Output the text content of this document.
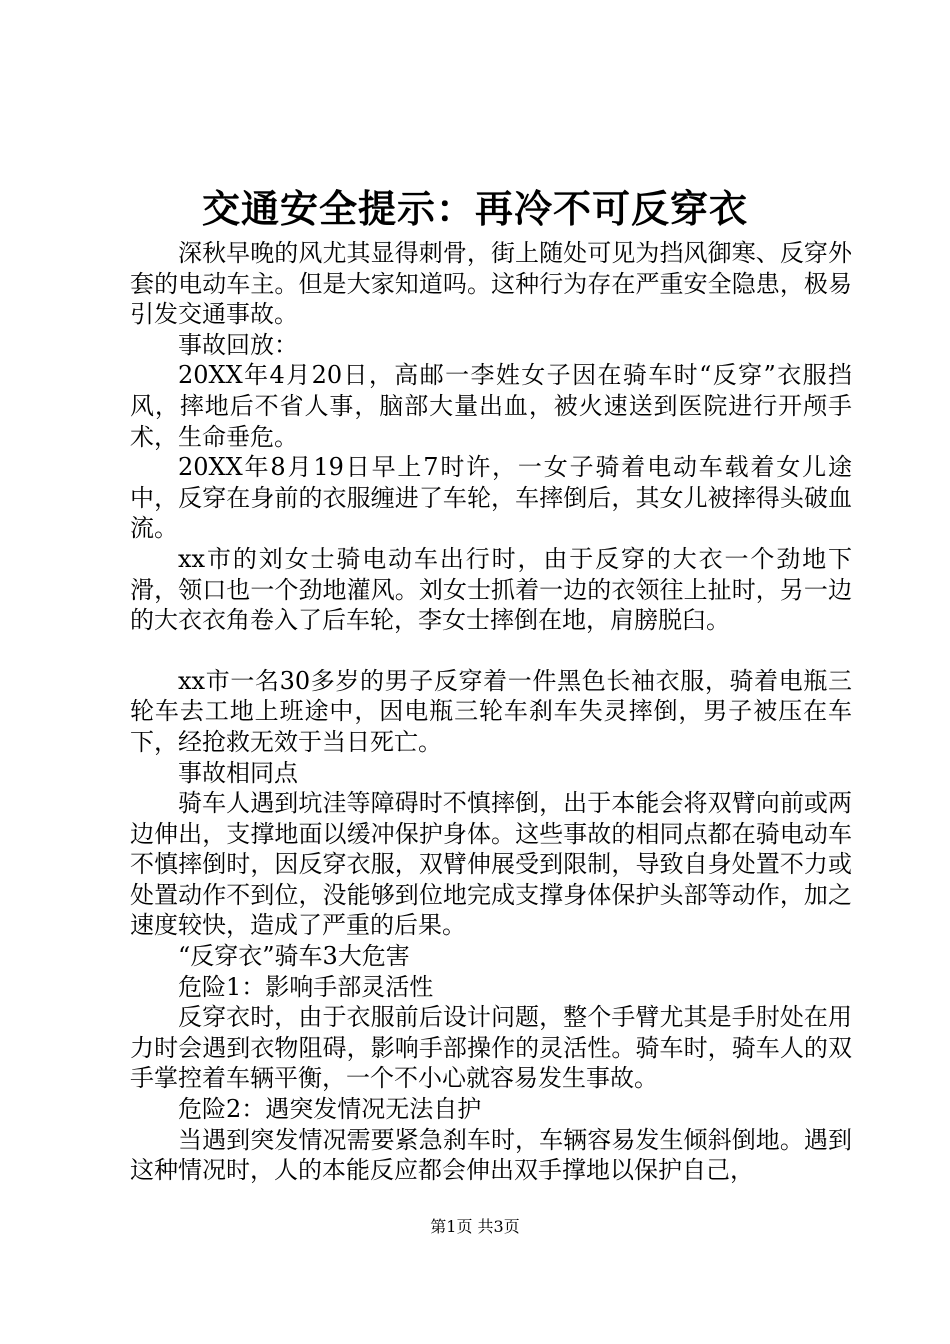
交通安全提示：再冷不可反穿衣

深秋早晚的风尤其显得刺骨，街上随处可见为挡风御寒、反穿外套的电动车主。但是大家知道吗。这种行为存在严重安全隐患，极易引发交通事故。

事故回放：

20XX年4月20日，高邮一李姓女子因在骑车时“反穿”衣服挡风，摔地后不省人事，脑部大量出血，被火速送到医院进行开颅手术，生命垂危。

20XX年8月19日早上7时许，一女子骑着电动车载着女儿途中，反穿在身前的衣服缠进了车轮，车摔倒后，其女儿被摔得头破血流。

xx市的刘女士骑电动车出行时，由于反穿的大衣一个劲地下滑，领口也一个劲地灌风。刘女士抓着一边的衣领往上扯时，另一边的大衣衣角卷入了后车轮，李女士摔倒在地，肩膀脱臼。

xx市一名30多岁的男子反穿着一件黑色长袖衣服，骑着电瓶三轮车去工地上班途中，因电瓶三轮车刹车失灵摔倒，男子被压在车下，经抢救无效于当日死亡。

事故相同点

骑车人遇到坑洼等障碍时不慎摔倒，出于本能会将双臂向前或两边伸出，支撑地面以缓冲保护身体。这些事故的相同点都在骑电动车不慎摔倒时，因反穿衣服，双臂伸展受到限制，导致自身处置不力或处置动作不到位，没能够到位地完成支撑身体保护头部等动作，加之速度较快，造成了严重的后果。

“反穿衣”骑车3大危害

危险1：影响手部灵活性

反穿衣时，由于衣服前后设计问题，整个手臂尤其是手肘处在用力时会遇到衣物阻碍，影响手部操作的灵活性。骑车时，骑车人的双手掌控着车辆平衡，一个不小心就容易发生事故。

危险2：遇突发情况无法自护

当遇到突发情况需要紧急刹车时，车辆容易发生倾斜倒地。遇到这种情况时，人的本能反应都会伸出双手撑地以保护自己，

第1页 共3页
